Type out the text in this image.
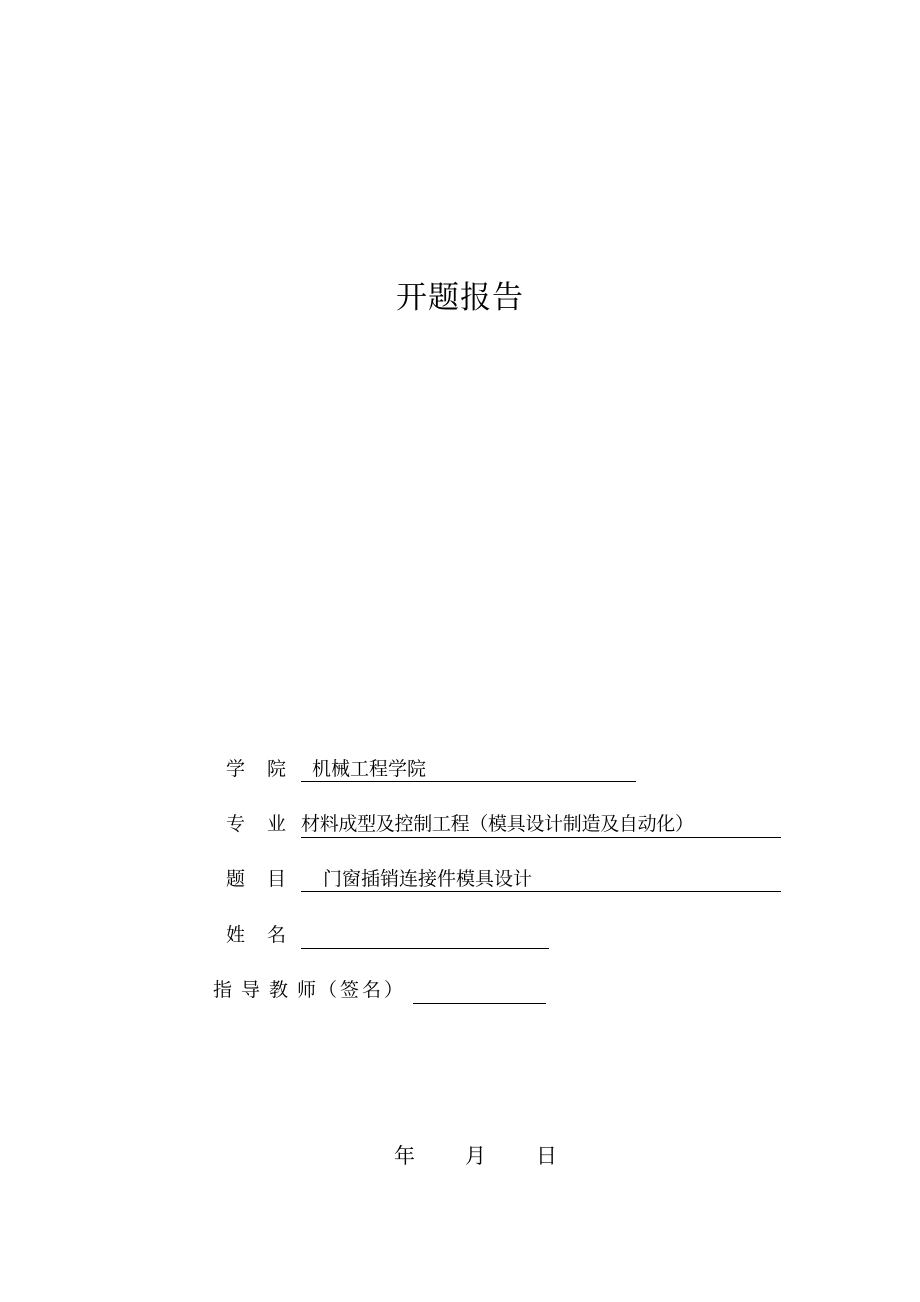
开题报告
学院 机械工程学院
专业
材料成型及控制工程（模具设计制造及自动化）
题目 门窗插销连接件模具设计
姓名
指导教师
（签名）
年 月 日
